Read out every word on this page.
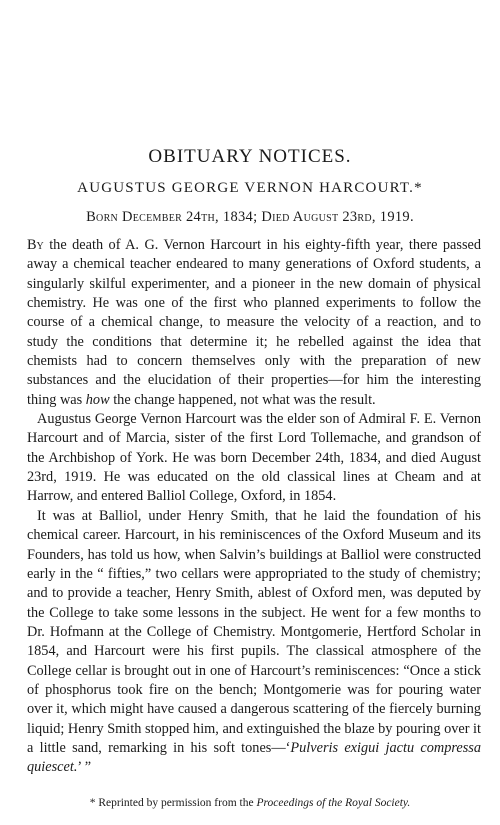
OBITUARY NOTICES.
AUGUSTUS GEORGE VERNON HARCOURT.*
Born December 24th, 1834; Died August 23rd, 1919.

By the death of A. G. Vernon Harcourt in his eighty-fifth year, there passed away a chemical teacher endeared to many generations of Oxford students, a singularly skilful experimenter, and a pioneer in the new domain of physical chemistry. He was one of the first who planned experiments to follow the course of a chemical change, to measure the velocity of a reaction, and to study the conditions that determine it; he rebelled against the idea that chemists had to concern themselves only with the preparation of new substances and the elucidation of their properties—for him the interesting thing was how the change happened, not what was the result.

Augustus George Vernon Harcourt was the elder son of Admiral F. E. Vernon Harcourt and of Marcia, sister of the first Lord Tollemache, and grandson of the Archbishop of York. He was born December 24th, 1834, and died August 23rd, 1919. He was educated on the old classical lines at Cheam and at Harrow, and entered Balliol College, Oxford, in 1854.

It was at Balliol, under Henry Smith, that he laid the foundation of his chemical career. Harcourt, in his reminiscences of the Oxford Museum and its Founders, has told us how, when Salvin’s buildings at Balliol were constructed early in the “ fifties,” two cellars were appropriated to the study of chemistry; and to provide a teacher, Henry Smith, ablest of Oxford men, was deputed by the College to take some lessons in the subject. He went for a few months to Dr. Hofmann at the College of Chemistry. Montgomerie, Hertford Scholar in 1854, and Harcourt were his first pupils. The classical atmosphere of the College cellar is brought out in one of Harcourt’s reminiscences: “Once a stick of phosphorus took fire on the bench; Montgomerie was for pouring water over it, which might have caused a dangerous scattering of the fiercely burning liquid; Henry Smith stopped him, and extinguished the blaze by pouring over it a little sand, remarking in his soft tones—‘Pulveris exigui jactu compressa quiescet.’ ”

* Reprinted by permission from the Proceedings of the Royal Society.
